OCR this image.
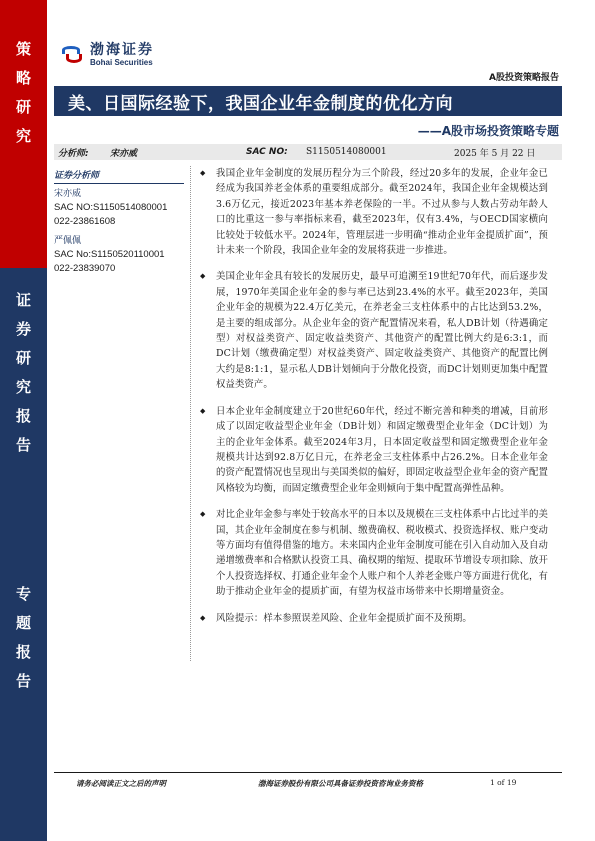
策
略
研
究
证
券
研
究
报
告
专
题
报
告
渤海证券
Bohai Securities
A股投资策略报告
美、日国际经验下，我国企业年金制度的优化方向
——A股市场投资策略专题
分析师: 宋亦威	SAC NO: S1150514080001	2025 年 5 月 22 日
证券分析师
宋亦威
SAC NO:S1150514080001
022-23861608
严佩佩
SAC No:S1150520110001
022-23839070

◆ 我国企业年金制度的发展历程分为三个阶段，经过20多年的发展，企业年金已经成为我国养老金体系的重要组成部分。截至2024年，我国企业年金规模达到3.6万亿元，接近2023年基本养老保险的一半。不过从参与人数占劳动年龄人口的比重这一参与率指标来看，截至2023年，仅有3.4%，与OECD国家横向比较处于较低水平。2024年，管理层进一步明确“推动企业年金提质扩面”，预计未来一个阶段，我国企业年金的发展将获进一步推进。

◆ 美国企业年金具有较长的发展历史，最早可追溯至19世纪70年代，而后逐步发展，1970年美国企业年金的参与率已达到23.4%的水平。截至2023年，美国企业年金的规模为22.4万亿美元，在养老金三支柱体系中的占比达到53.2%，是主要的组成部分。从企业年金的资产配置情况来看，私人DB计划（待遇确定型）对权益类资产、固定收益类资产、其他资产的配置比例大约是6:3:1，而DC计划（缴费确定型）对权益类资产、固定收益类资产、其他资产的配置比例大约是8:1:1，显示私人DB计划倾向于分散化投资，而DC计划则更加集中配置权益类资产。

◆ 日本企业年金制度建立于20世纪60年代，经过不断完善和种类的增减，目前形成了以固定收益型企业年金（DB计划）和固定缴费型企业年金（DC计划）为主的企业年金体系。截至2024年3月，日本固定收益型和固定缴费型企业年金规模共计达到92.8万亿日元，在养老金三支柱体系中占26.2%。日本企业年金的资产配置情况也呈现出与美国类似的偏好，即固定收益型企业年金的资产配置风格较为均衡，而固定缴费型企业年金则倾向于集中配置高弹性品种。

◆ 对比企业年金参与率处于较高水平的日本以及规模在三支柱体系中占比过半的美国，其企业年金制度在参与机制、缴费确权、税收模式、投资选择权、账户变动等方面均有值得借鉴的地方。未来国内企业年金制度可能在引入自动加入及自动递增缴费率和合格默认投资工具、确权期的缩短、提取环节增设专项扣除、放开个人投资选择权、打通企业年金个人账户和个人养老金账户等方面进行优化，有助于推动企业年金的提质扩面，有望为权益市场带来中长期增量资金。

◆ 风险提示：样本参照误差风险、企业年金提质扩面不及预期。

请务必阅读正文之后的声明	渤海证券股份有限公司具备证券投资咨询业务资格	1 of 19
